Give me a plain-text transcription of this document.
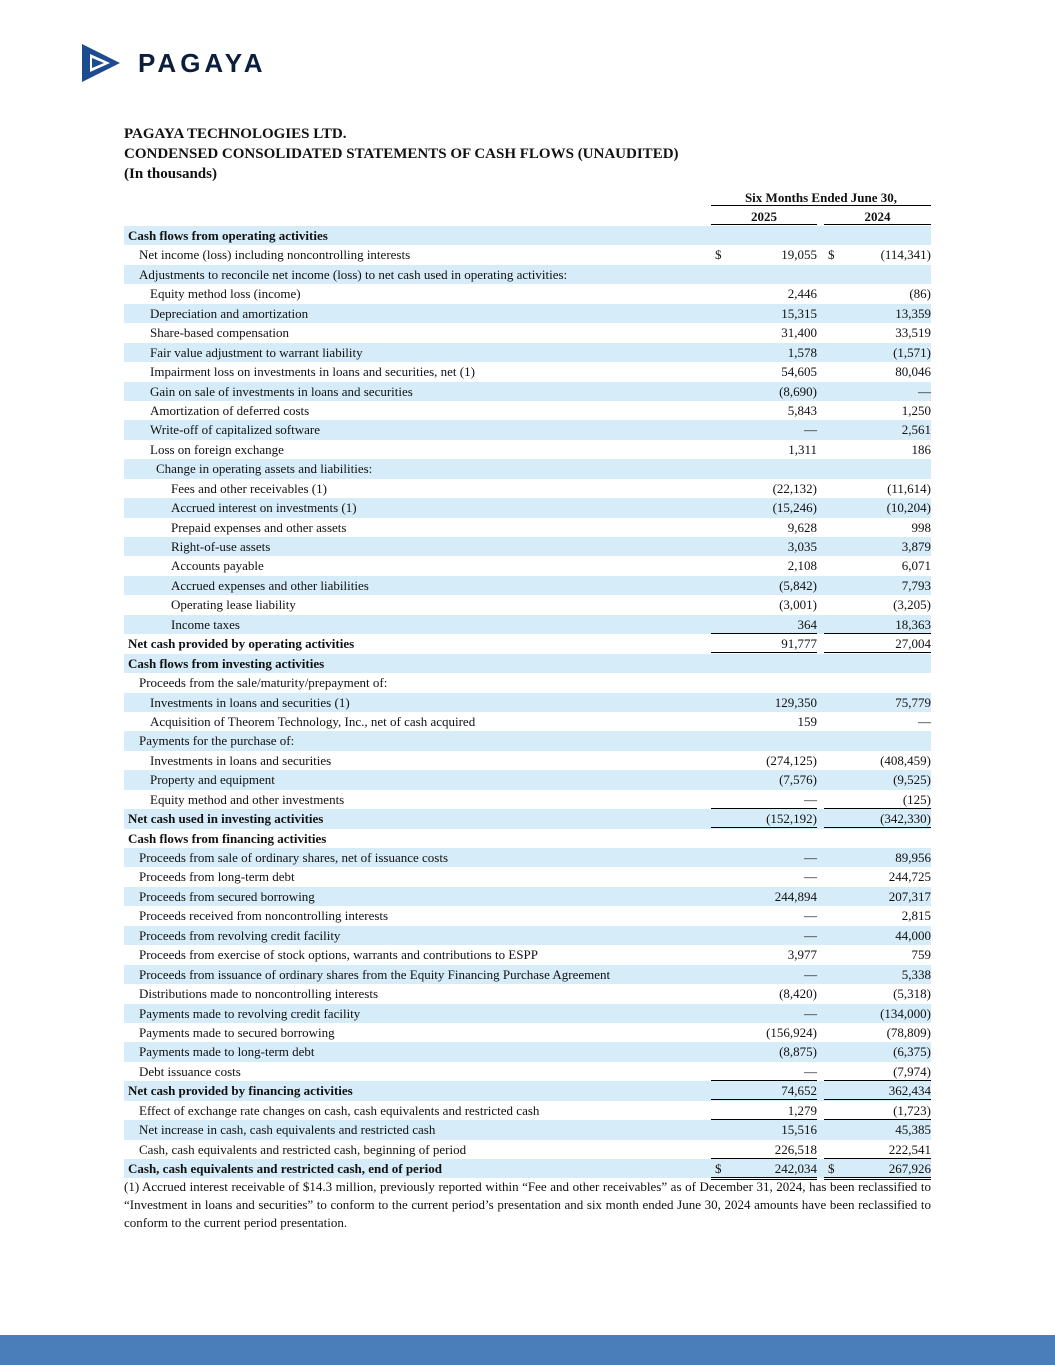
PAGAYA
PAGAYA TECHNOLOGIES LTD.
CONDENSED CONSOLIDATED STATEMENTS OF CASH FLOWS (UNAUDITED)
(In thousands)
Six Months Ended June 30,
2025	2024
Cash flows from operating activities
Net income (loss) including noncontrolling interests	$	19,055 $	(114,341)
Adjustments to reconcile net income (loss) to net cash used in operating activities:
Equity method loss (income)	2,446	(86)
Depreciation and amortization	15,315	13,359
Share-based compensation	31,400	33,519
Fair value adjustment to warrant liability	1,578	(1,571)
Impairment loss on investments in loans and securities, net (1)	54,605	80,046
Gain on sale of investments in loans and securities	(8,690)	—
Amortization of deferred costs	5,843	1,250
Write-off of capitalized software	—	2,561
Loss on foreign exchange	1,311	186
Change in operating assets and liabilities:
Fees and other receivables (1)	(22,132)	(11,614)
Accrued interest on investments (1)	(15,246)	(10,204)
Prepaid expenses and other assets	9,628	998
Right-of-use assets	3,035	3,879
Accounts payable	2,108	6,071
Accrued expenses and other liabilities	(5,842)	7,793
Operating lease liability	(3,001)	(3,205)
Income taxes	364	18,363
Net cash provided by operating activities	91,777	27,004
Cash flows from investing activities
Proceeds from the sale/maturity/prepayment of:
Investments in loans and securities (1)	129,350	75,779
Acquisition of Theorem Technology, Inc., net of cash acquired	159	—
Payments for the purchase of:
Investments in loans and securities	(274,125)	(408,459)
Property and equipment	(7,576)	(9,525)
Equity method and other investments	—	(125)
Net cash used in investing activities	(152,192)	(342,330)
Cash flows from financing activities
Proceeds from sale of ordinary shares, net of issuance costs	—	89,956
Proceeds from long-term debt	—	244,725
Proceeds from secured borrowing	244,894	207,317
Proceeds received from noncontrolling interests	—	2,815
Proceeds from revolving credit facility	—	44,000
Proceeds from exercise of stock options, warrants and contributions to ESPP	3,977	759
Proceeds from issuance of ordinary shares from the Equity Financing Purchase Agreement	—	5,338
Distributions made to noncontrolling interests	(8,420)	(5,318)
Payments made to revolving credit facility	—	(134,000)
Payments made to secured borrowing	(156,924)	(78,809)
Payments made to long-term debt	(8,875)	(6,375)
Debt issuance costs	—	(7,974)
Net cash provided by financing activities	74,652	362,434
Effect of exchange rate changes on cash, cash equivalents and restricted cash	1,279	(1,723)
Net increase in cash, cash equivalents and restricted cash	15,516	45,385
Cash, cash equivalents and restricted cash, beginning of period	226,518	222,541
Cash, cash equivalents and restricted cash, end of period	$	242,034 $	267,926
(1) Accrued interest receivable of $14.3 million, previously reported within “Fee and other receivables” as of December 31, 2024, has been reclassified to “Investment in loans and securities” to conform to the current period’s presentation and six month ended June 30, 2024 amounts have been reclassified to conform to the current period presentation.
